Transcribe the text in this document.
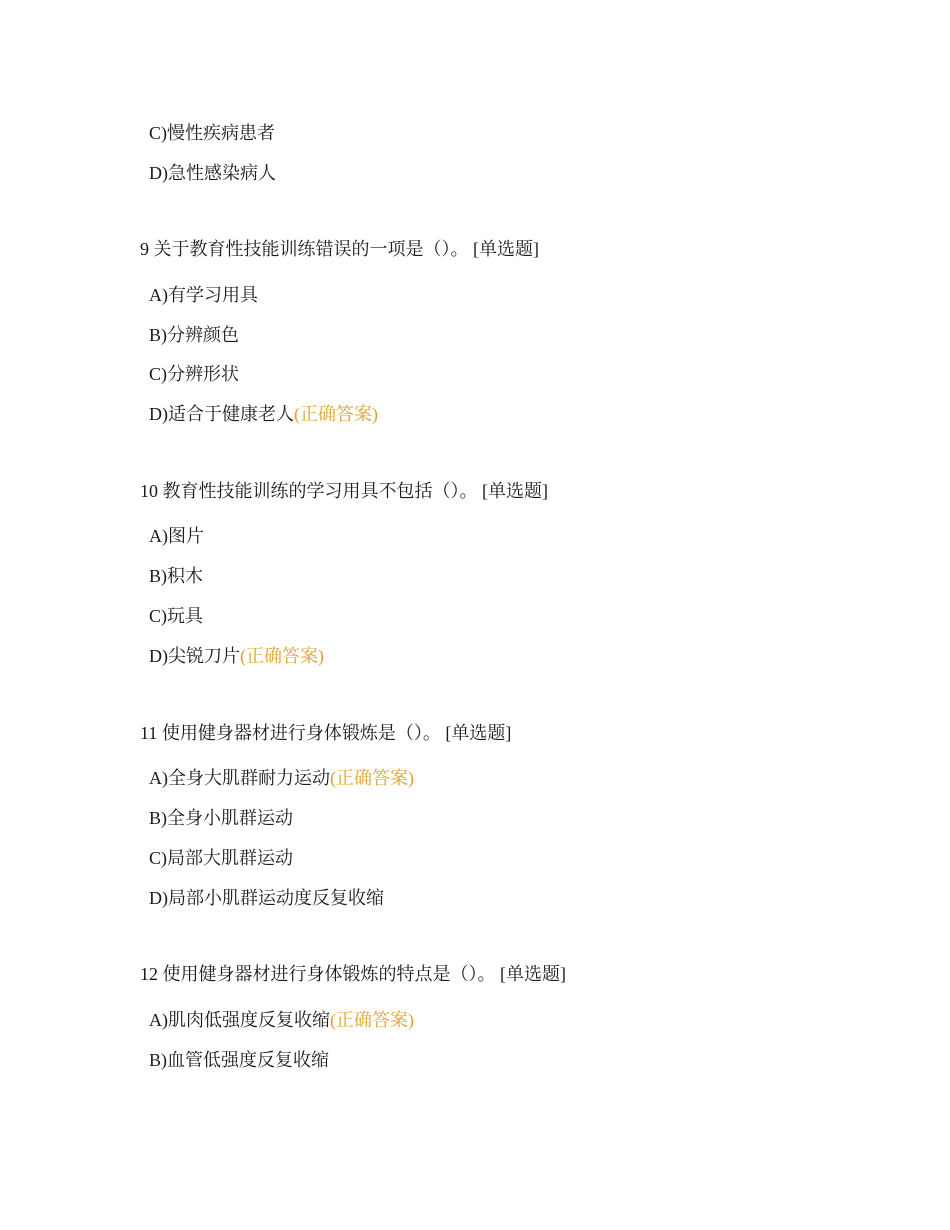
C)慢性疾病患者
D)急性感染病人
9 关于教育性技能训练错误的一项是（）。 [单选题]
A)有学习用具
B)分辨颜色
C)分辨形状
D)适合于健康老人(正确答案)
10 教育性技能训练的学习用具不包括（）。 [单选题]
A)图片
B)积木
C)玩具
D)尖锐刀片(正确答案)
11 使用健身器材进行身体锻炼是（）。 [单选题]
A)全身大肌群耐力运动(正确答案)
B)全身小肌群运动
C)局部大肌群运动
D)局部小肌群运动度反复收缩
12 使用健身器材进行身体锻炼的特点是（）。 [单选题]
A)肌肉低强度反复收缩(正确答案)
B)血管低强度反复收缩
